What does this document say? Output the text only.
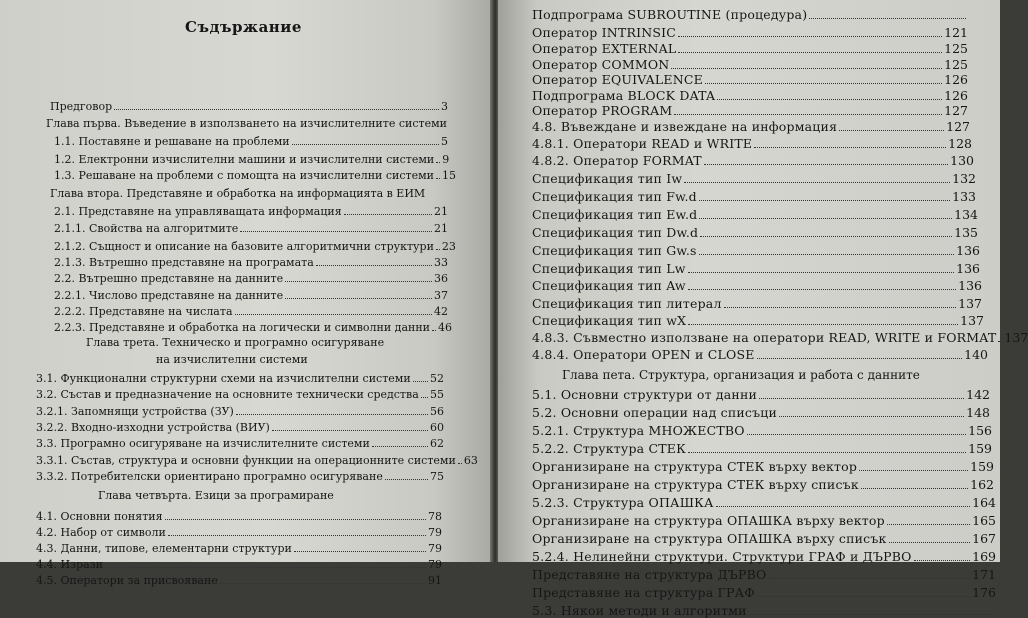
Съдържание
Предговор	3
Глава първа. Въведение в използването на изчислителните системи
1.1. Поставяне и решаване на проблеми	5
1.2. Електронни изчислителни машини и изчислителни системи 9
1.3. Решаване на проблеми с помощта на изчислителни системи 15
Глава втора. Представяне и обработка на информацията в ЕИМ
2.1. Представяне на управляващата информация	21
2.1.1. Свойства на алгоритмите	21
2.1.2. Същност и описание на базовите алгоритмични структури 23
2.1.3. Вътрешно представяне на програмата	33
2.2. Вътрешно представяне на данните	36
2.2.1. Числово представяне на данните	37
2.2.2. Представяне на числата	42
2.2.3. Представяне и обработка на логически и символни данни 46
Глава трета. Техническо и програмно осигуряване
на изчислителни системи
3.1. Функционални структурни схеми на изчислителни системи 52
3.2. Състав и предназначение на основните технически средства 55
3.2.1. Запомнящи устройства (ЗУ)	56
3.2.2. Входно-изходни устройства (ВИУ)	60
3.3. Програмно осигуряване на изчислителните системи	62
3.3.1. Състав, структура и основни функции на операционните системи 63
3.3.2. Потребителски ориентирано програмно осигуряване	75
Глава четвърта. Езици за програмиране
4.1. Основни понятия	78
4.2. Набор от символи	79
4.3. Данни, типове, елементарни структури	79
4.4. Изрази	79
4.5. Оператори за присвояване	91
Подпрограма SUBROUTINE (процедура)
Оператор INTRINSIC	121
Оператор EXTERNAL	125
Оператор COMMON	125
Оператор EQUIVALENCE	126
Подпрограма BLOCK DATA	126
Оператор PROGRAM	127
4.8. Въвеждане и извеждане на информация	127
4.8.1. Оператори READ и WRITE	128
4.8.2. Оператор FORMAT	130
Спецификация тип Iw	132
Спецификация тип Fw.d	133
Спецификация тип Ew.d	134
Спецификация тип Dw.d	135
Спецификация тип Gw.s	136
Спецификация тип Lw	136
Спецификация тип Aw	136
Спецификация тип литерал	137
Спецификация тип wX	137
4.8.3. Съвместно използване на оператори READ, WRITE и FORMAT 137
4.8.4. Оператори OPEN и CLOSE	140
Глава пета. Структура, организация и работа с данните
5.1. Основни структури от данни	142
5.2. Основни операции над списъци	148
5.2.1. Структура МНОЖЕСТВО	156
5.2.2. Структура СТЕК	159
Организиране на структура СТЕК върху вектор	159
Организиране на структура СТЕК върху списък	162
5.2.3. Структура ОПАШКА	164
Организиране на структура ОПАШКА върху вектор	165
Организиране на структура ОПАШКА върху списък	167
5.2.4. Нелинейни структури. Структури ГРАФ и ДЪРВО	169
Представяне на структура ДЪРВО	171
Представяне на структура ГРАФ	176
5.3. Някои методи и алгоритми
